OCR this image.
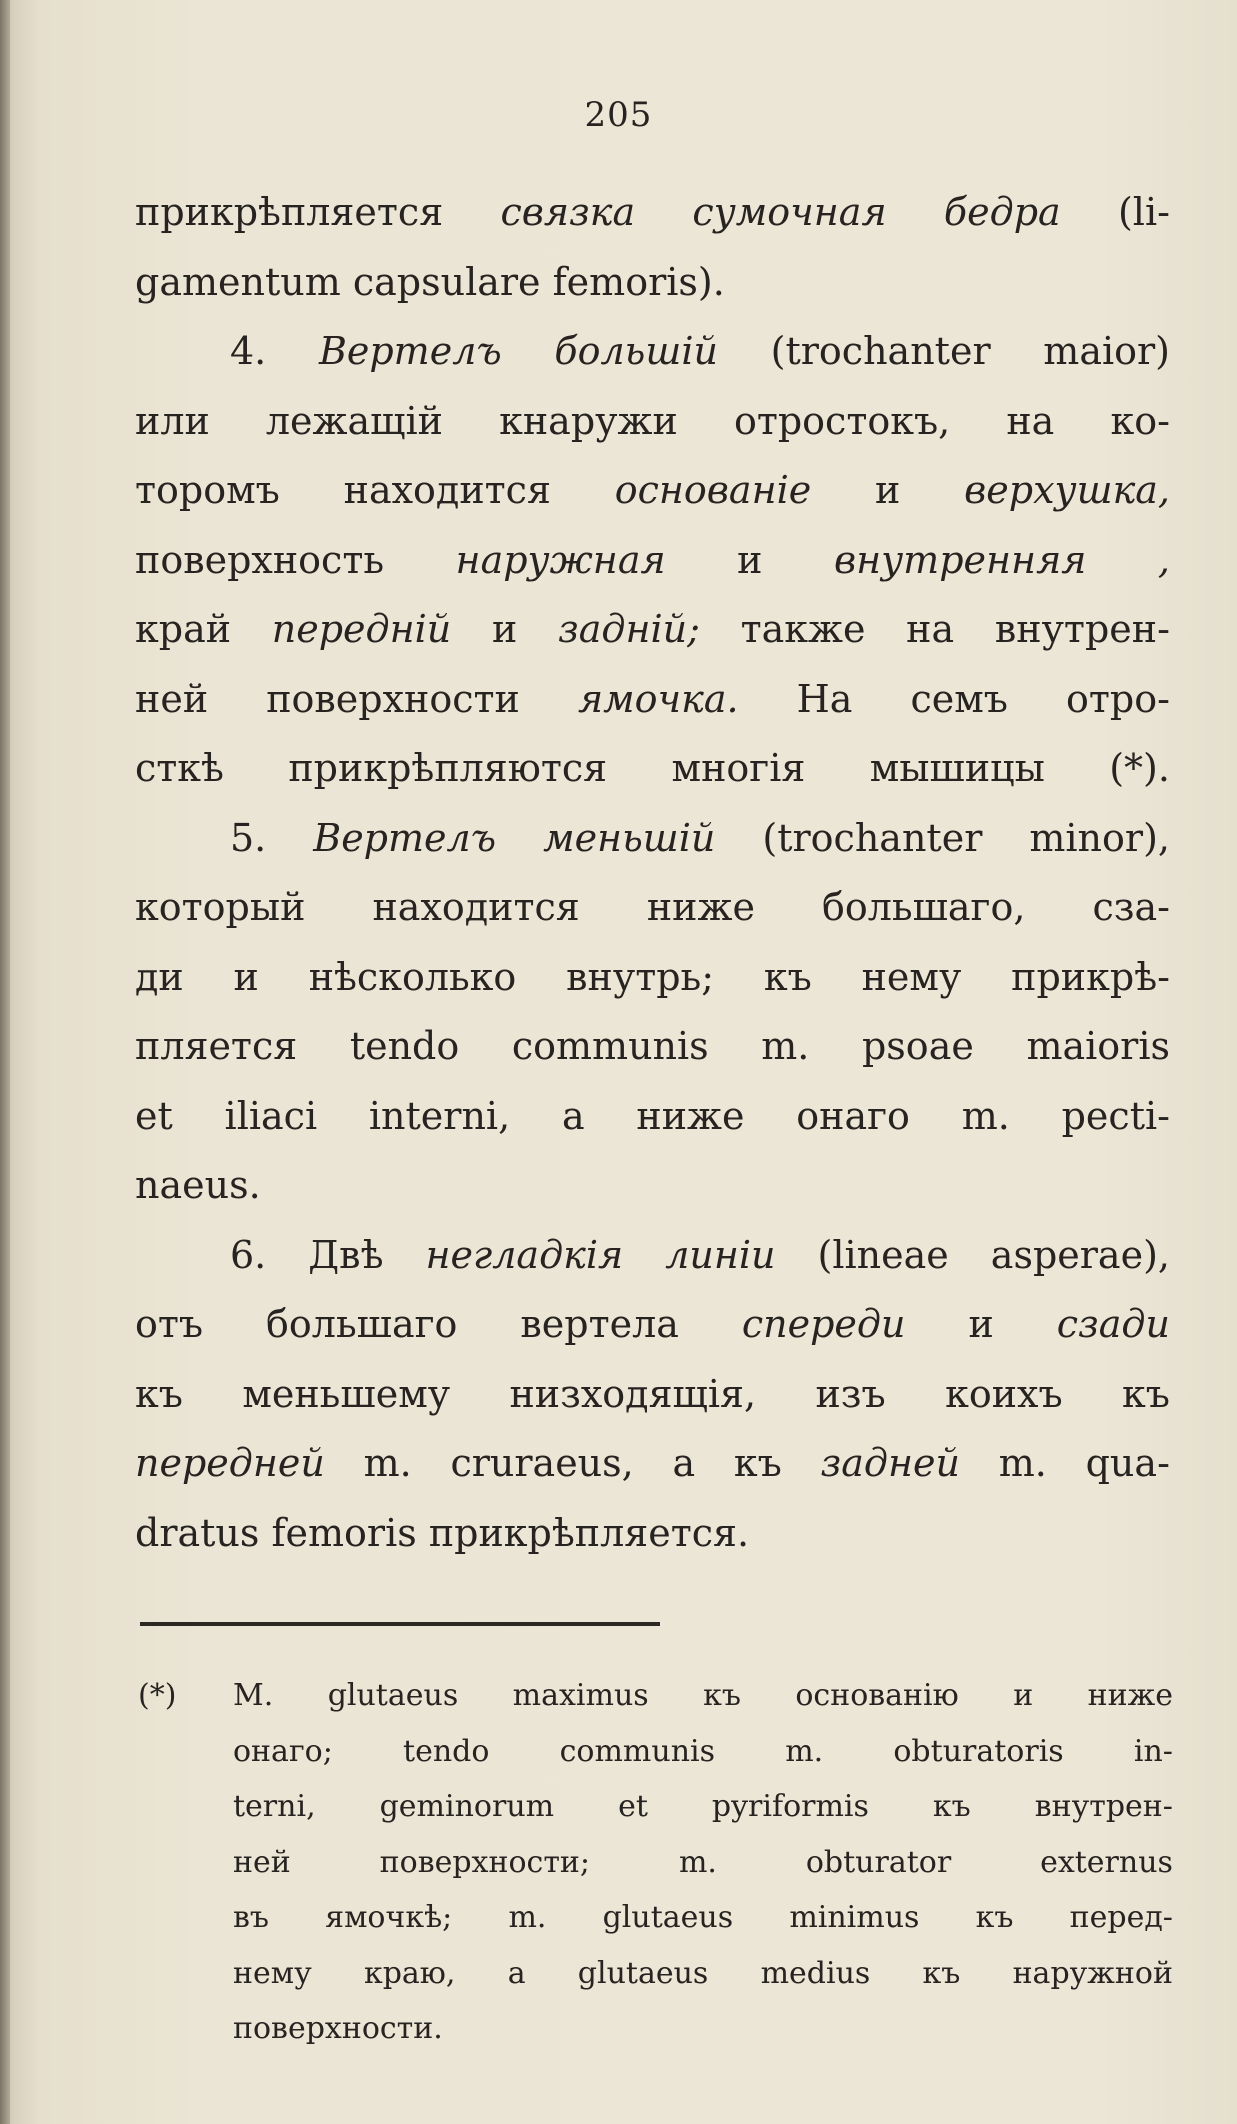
205
прикрѣпляется связка сумочная бедра (li-
gamentum capsulare femoris).
4. Вертелъ большій (trochanter maior)
или лежащій кнаружи отростокъ, на ко-
торомъ находится основаніе и верхушка,
поверхность наружная и внутренняя ,
край передній и задній; также на внутрен-
ней поверхности ямочка. На семъ отро-
сткѣ прикрѣпляются многія мышицы (*).
5. Вертелъ меньшій (trochanter minor),
который находится ниже большаго, сза-
ди и нѣсколько внутрь; къ нему прикрѣ-
пляется tendo communis m. psoae maioris
et iliaci interni, а ниже онаго m. pecti-
naeus.
6. Двѣ негладкія линіи (lineae asperae),
отъ большаго вертела спереди и сзади
къ меньшему низходящія, изъ коихъ къ
передней m. cruraeus, а къ задней m. qua-
dratus femoris прикрѣпляется.
(*)	M. glutaeus maximus къ основанію и ниже
онаго; tendo communis m. obturatoris in-
terni, geminorum et pyriformis къ внутрен-
ней	поверхности;	m.	obturator	externus
въ ямочкѣ; m. glutaeus minimus къ перед-
нему краю, а glutaeus medius къ наружной
поверхности.
